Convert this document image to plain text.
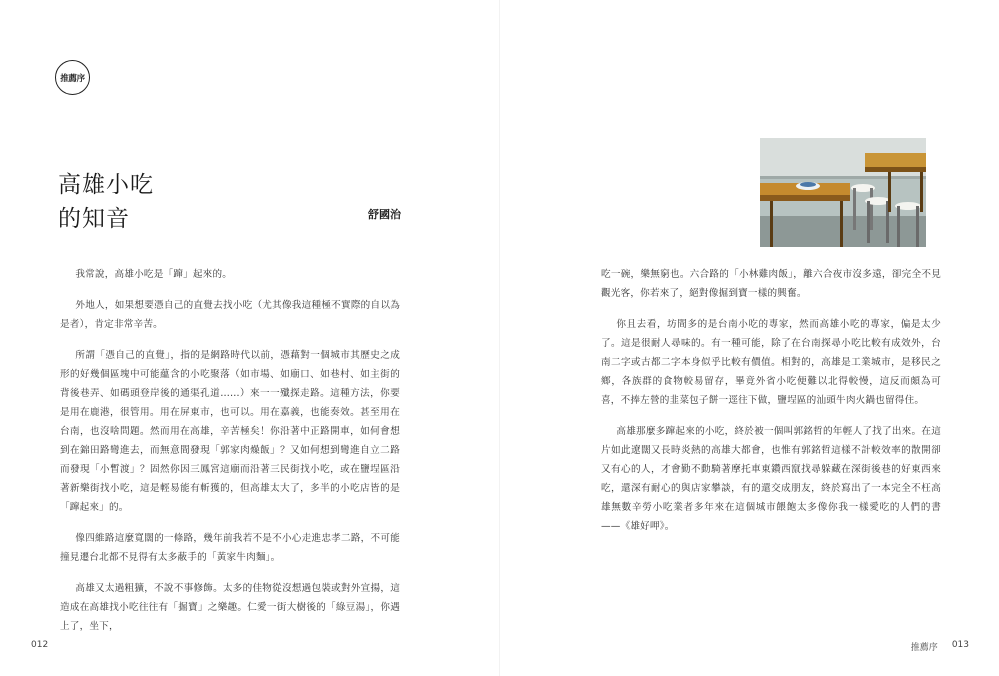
推薦序
高雄小吃
的知音	舒國治

我常說，高雄小吃是「蹿」起來的。

外地人，如果想要憑自己的直覺去找小吃（尤其像我這種極不實際的自以為是者），肯定非常辛苦。

所謂「憑自己的直覺」，指的是網路時代以前，憑藉對一個城市其歷史之成形的好幾個區塊中可能蘊含的小吃聚落（如市場、如廟口、如巷村、如主街的背後巷弄、如碼頭登岸後的通渠孔道……）來一一殲探走路。這種方法，你要是用在鹿港，很管用。用在屏東市，也可以。用在嘉義，也能奏效。甚至用在台南，也沒啥問題。然而用在高雄，辛苦極矣！你沿著中正路開車，如何會想到在錦田路彎進去，而無意間發現「郭家肉燥飯」？又如何想到彎進自立二路而發現「小暫渡」？固然你因三鳳宮這廟而沿著三民街找小吃，或在鹽埕區沿著新樂街找小吃，這是輕易能有斬獲的，但高雄太大了，多半的小吃店皆的是「蹿起來」的。

像四維路這麼寬闊的一條路，幾年前我若不是不小心走進忠孝二路，不可能撞見遷台北都不見得有太多蔽手的「黃家牛肉麵」。

高雄又太過粗獷，不說不事修飾。太多的佳物從沒想過包裝或對外宣揚，這造成在高雄找小吃往往有「掘寶」之樂趣。仁愛一街大樹後的「綠豆湯」，你遇上了，坐下，

012

吃一碗，樂無窮也。六合路的「小林雞肉飯」，離六合夜市沒多遠，卻完全不見觀光客，你若來了，絕對像掘到寶一樣的興奮。

你且去看，坊間多的是台南小吃的專家，然而高雄小吃的專家，偏是太少了。這是很耐人尋味的。有一種可能，除了在台南探尋小吃比較有成效外，台南二字或古都二字本身似乎比較有價值。相對的，高雄是工業城市，是移民之鄉，各族群的食物較易留存，畢竟外省小吃便難以北得較慢，這反而頗為可喜，不捧左營的韭菜包子餅一逕往下做，鹽埕區的汕頭牛肉火鍋也留得住。

高雄那麼多蹿起來的小吃，終於被一個叫郭銘哲的年輕人了找了出來。在這片如此遼闊又長時炎熱的高雄大都會，也惟有郭銘哲這樣不計較效率的散開卻又有心的人，才會勤不動騎著摩托車東鑽西竄找尋躲藏在深街後巷的好東西來吃，還深有耐心的與店家攀談，有的還交成朋友，終於寫出了一本完全不枉高雄無數辛勞小吃業者多年來在這個城市餵飽太多像你我一樣愛吃的人們的書——《雄好呷》。

推薦序 013
